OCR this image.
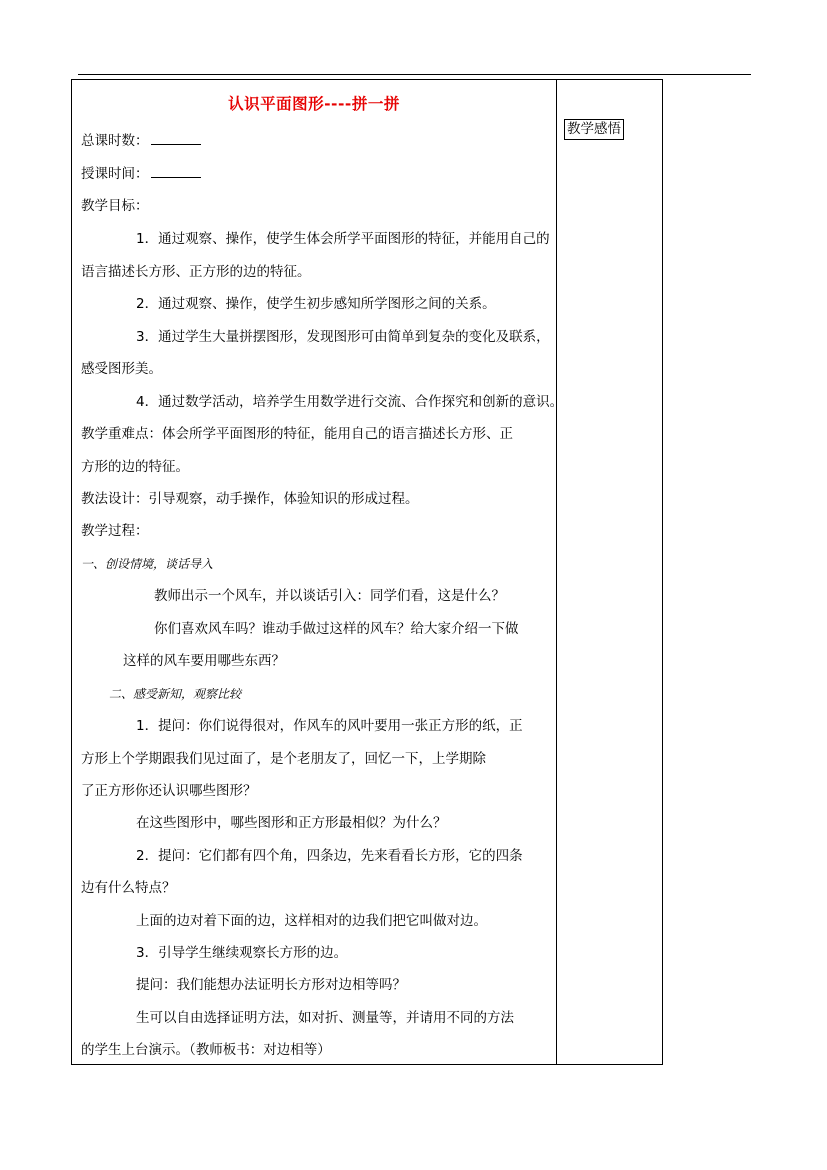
认识平面图形----拼一拼
总课时数：
授课时间：
教学目标：
1．通过观察、操作，使学生体会所学平面图形的特征，并能用自己的
语言描述长方形、正方形的边的特征。
2．通过观察、操作，使学生初步感知所学图形之间的关系。
3．通过学生大量拼摆图形，发现图形可由简单到复杂的变化及联系，
感受图形美。
4．通过数学活动，培养学生用数学进行交流、合作探究和创新的意识。
教学重难点：体会所学平面图形的特征，能用自己的语言描述长方形、正
方形的边的特征。
教法设计：引导观察，动手操作，体验知识的形成过程。
教学过程：
一、创设情境，谈话导入
教师出示一个风车，并以谈话引入：同学们看，这是什么？
你们喜欢风车吗？谁动手做过这样的风车？给大家介绍一下做
这样的风车要用哪些东西？
二、感受新知，观察比较
1．提问：你们说得很对，作风车的风叶要用一张正方形的纸，正
方形上个学期跟我们见过面了，是个老朋友了，回忆一下，上学期除
了正方形你还认识哪些图形？
在这些图形中，哪些图形和正方形最相似？为什么？
2．提问：它们都有四个角，四条边，先来看看长方形，它的四条
边有什么特点？
上面的边对着下面的边，这样相对的边我们把它叫做对边。
3．引导学生继续观察长方形的边。
提问：我们能想办法证明长方形对边相等吗？
生可以自由选择证明方法，如对折、测量等，并请用不同的方法
的学生上台演示。（教师板书：对边相等）
教学感悟
